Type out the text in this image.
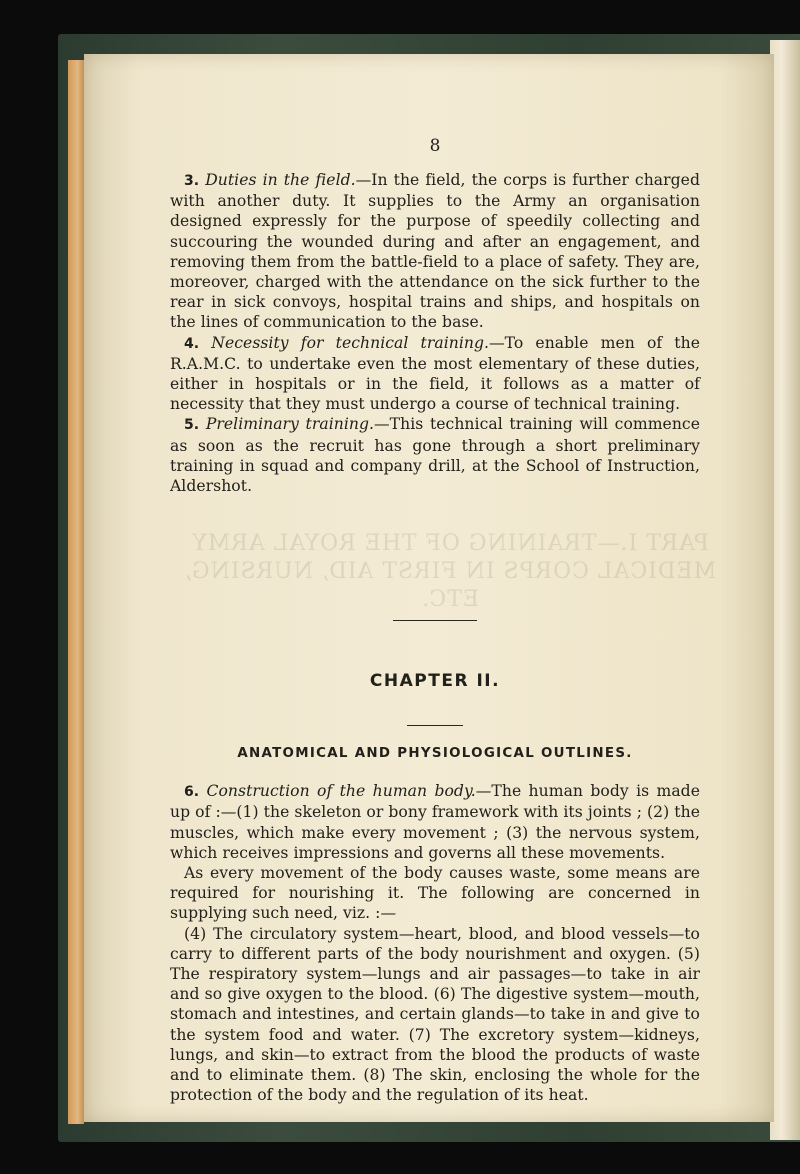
PART I.—TRAINING OF THE ROYAL ARMY
MEDICAL CORPS IN FIRST AID, NURSING,
ETC.
8

3. Duties in the field.—In the field, the corps is further charged with another duty. It supplies to the Army an organisation designed expressly for the purpose of speedily collecting and succouring the wounded during and after an engagement, and removing them from the battle-field to a place of safety. They are, moreover, charged with the attendance on the sick further to the rear in sick convoys, hospital trains and ships, and hospitals on the lines of communication to the base.

4. Necessity for technical training.—To enable men of the R.A.M.C. to undertake even the most elementary of these duties, either in hospitals or in the field, it follows as a matter of necessity that they must undergo a course of technical training.

5. Preliminary training.—This technical training will commence as soon as the recruit has gone through a short preliminary training in squad and company drill, at the School of Instruction, Aldershot.

CHAPTER II.
ANATOMICAL AND PHYSIOLOGICAL OUTLINES.

6. Construction of the human body.—The human body is made up of :—(1) the skeleton or bony framework with its joints ; (2) the muscles, which make every movement ; (3) the nervous system, which receives impressions and governs all these movements.

As every movement of the body causes waste, some means are required for nourishing it. The following are concerned in supplying such need, viz. :—

(4) The circulatory system—heart, blood, and blood vessels—to carry to different parts of the body nourishment and oxygen. (5) The respiratory system—lungs and air passages—to take in air and so give oxygen to the blood. (6) The digestive system—mouth, stomach and intestines, and certain glands—to take in and give to the system food and water. (7) The excretory system—kidneys, lungs, and skin—to extract from the blood the products of waste and to eliminate them. (8) The skin, enclosing the whole for the protection of the body and the regulation of its heat.
